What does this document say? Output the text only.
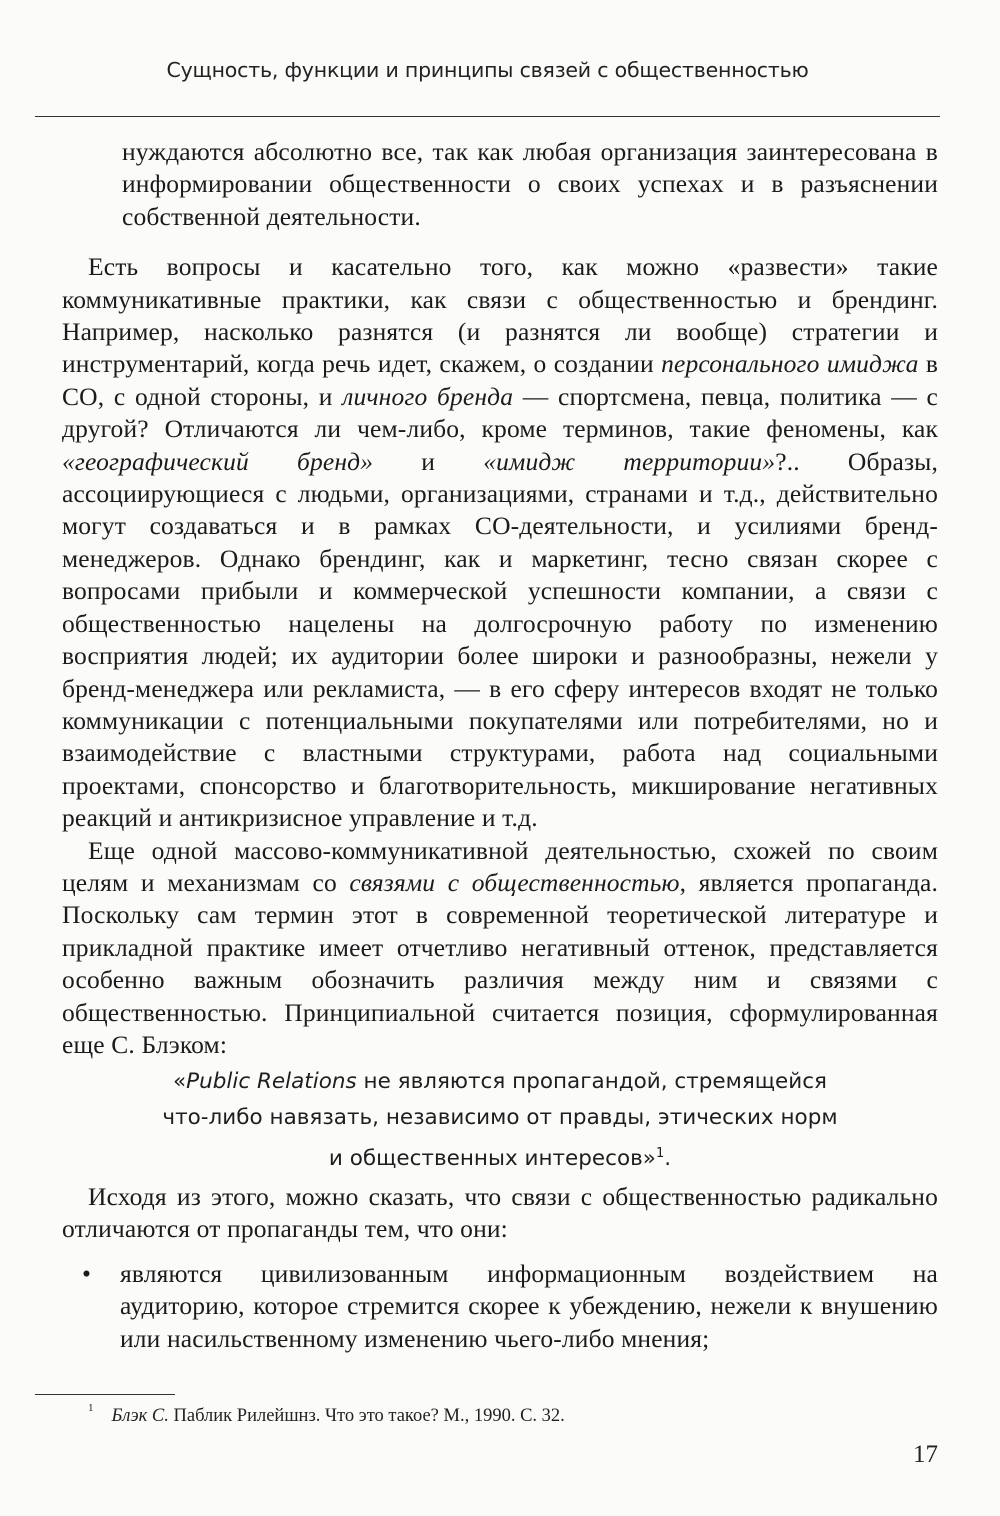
Сущность, функции и принципы связей с общественностью

нуждаются абсолютно все, так как любая организация заинтересована в информировании общественности о своих успехах и в разъяснении собственной деятельности.

Есть вопросы и касательно того, как можно «развести» такие коммуникативные практики, как связи с общественностью и брендинг. Например, насколько разнятся (и разнятся ли вообще) стратегии и инструментарий, когда речь идет, скажем, о создании персонального имиджа в СО, с одной стороны, и личного бренда — спортсмена, певца, политика — с другой? Отличаются ли чем-либо, кроме терминов, такие феномены, как «географический бренд» и «имидж территории»?.. Образы, ассоциирующиеся с людьми, организациями, странами и т.д., действительно могут создаваться и в рамках СО-деятельности, и усилиями бренд-менеджеров. Однако брендинг, как и маркетинг, тесно связан скорее с вопросами прибыли и коммерческой успешности компании, а связи с общественностью нацелены на долгосрочную работу по изменению восприятия людей; их аудитории более широки и разнообразны, нежели у бренд-менеджера или рекламиста, — в его сферу интересов входят не только коммуникации с потенциальными покупателями или потребителями, но и взаимодействие с властными структурами, работа над социальными проектами, спонсорство и благотворительность, микширование негативных реакций и антикризисное управление и т.д.

Еще одной массово-коммуникативной деятельностью, схожей по своим целям и механизмам со связями с общественностью, является пропаганда. Поскольку сам термин этот в современной теоретической литературе и прикладной практике имеет отчетливо негативный оттенок, представляется особенно важным обозначить различия между ним и связями с общественностью. Принципиальной считается позиция, сформулированная еще С. Блэком:

«Public Relations не являются пропагандой, стремящейся
что-либо навязать, независимо от правды, этических норм
и общественных интересов»$^1$.

Исходя из этого, можно сказать, что связи с общественностью радикально отличаются от пропаганды тем, что они:

• являются цивилизованным информационным воздействием на аудиторию, которое стремится скорее к убеждению, нежели к внушению или насильственному изменению чьего-либо мнения;
$^1$ Блэк С. Паблик Рилейшнз. Что это такое? М., 1990. С. 32.
17
